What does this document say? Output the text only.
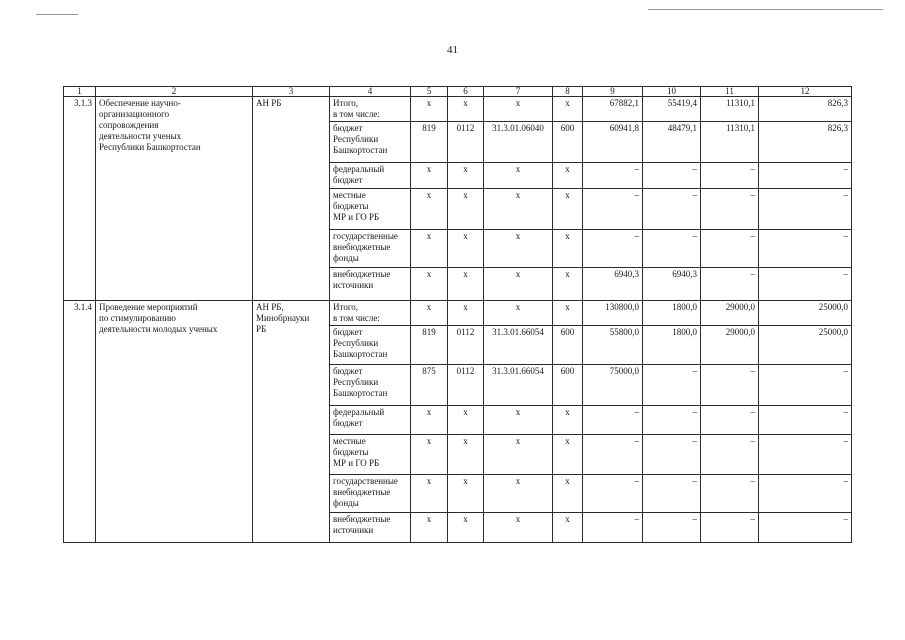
41
1	2	3	4	5	6	7	8	9	10	11	12
3.1.3	Обеспечение научно-
организационного
сопровождения
деятельности ученых
Республики Башкортостан	АН РБ	Итого,
в том числе:	х	х	х	х	67882,1	55419,4	11310,1	826,3

			бюджет
Республики
Башкортостан	819	0112	31.3.01.06040	600	60941,8	48479,1	11310,1	826,3

			федеральный
бюджет	х	х	х	х	–	–	–	–

			местные
бюджеты
МР и ГО РБ	х	х	х	х	–	–	–	–

			государственные
внебюджетные
фонды	х	х	х	х	–	–	–	–

			внебюджетные
источники	х	х	х	х	6940,3	6940,3	–	–
3.1.4	Проведение мероприятий
по стимулированию
деятельности молодых ученых	АН РБ,
Минобрнауки
РБ	Итого,
в том числе:	х	х	х	х	130800,0	1800,0	29000,0	25000,0

			бюджет
Республики
Башкортостан	819	0112	31.3.01.66054	600	55800,0	1800,0	29000,0	25000,0

			бюджет
Республики
Башкортостан	875	0112	31.3.01.66054	600	75000,0	–	–	–

			федеральный
бюджет	х	х	х	х	–	–	–	–

			местные
бюджеты
МР и ГО РБ	х	х	х	х	–	–	–	–

			государственные
внебюджетные
фонды	х	х	х	х	–	–	–	–

			внебюджетные
источники	х	х	х	х	–	–	–	–
